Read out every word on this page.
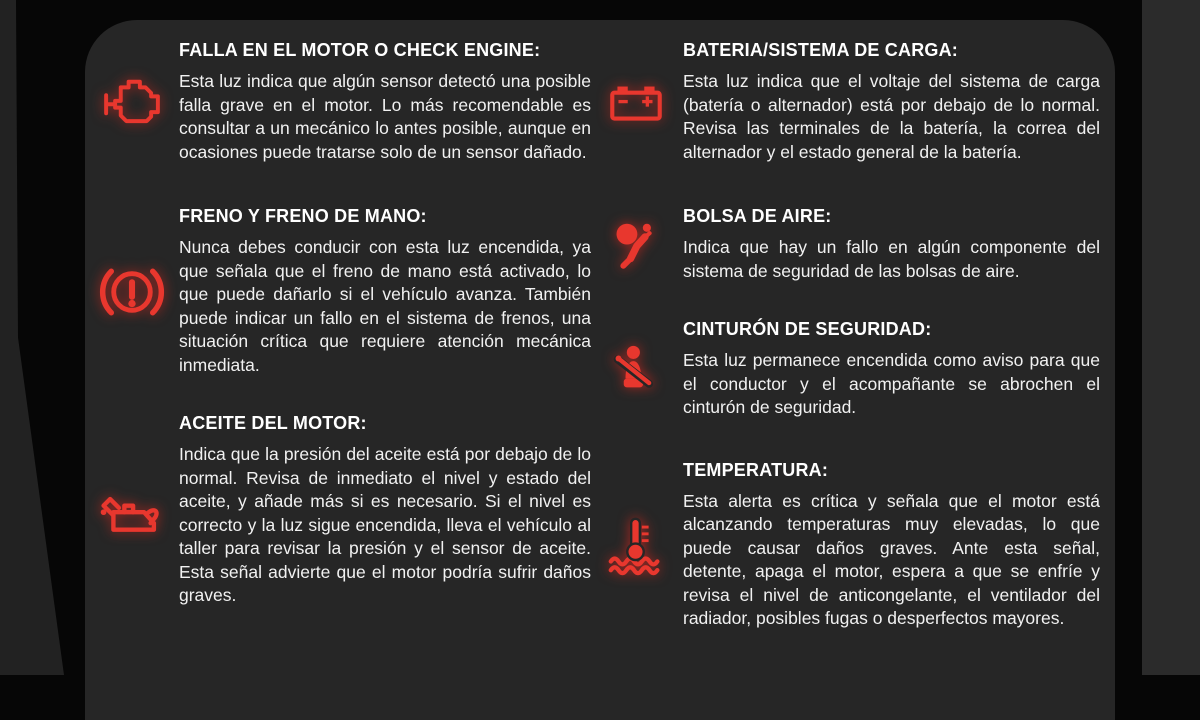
FALLA EN EL MOTOR O CHECK ENGINE:

Esta luz indica que algún sensor detectó una posible falla grave en el motor. Lo más recomendable es consultar a un mecánico lo antes posible, aunque en ocasiones puede tratarse solo de un sensor dañado.

FRENO Y FRENO DE MANO:

Nunca debes conducir con esta luz encendida, ya que señala que el freno de mano está activado, lo que puede dañarlo si el vehículo avanza. También puede indicar un fallo en el sistema de frenos, una situación crítica que requiere atención mecánica inmediata.

ACEITE DEL MOTOR:

Indica que la presión del aceite está por debajo de lo normal. Revisa de inmediato el nivel y estado del aceite, y añade más si es necesario. Si el nivel es correcto y la luz sigue encendida, lleva el vehículo al taller para revisar la presión y el sensor de aceite. Esta señal advierte que el motor podría sufrir daños graves.

BATERIA/SISTEMA DE CARGA:

Esta luz indica que el voltaje del sistema de carga (batería o alternador) está por debajo de lo normal. Revisa las terminales de la batería, la correa del alternador y el estado general de la batería.

BOLSA DE AIRE:

Indica que hay un fallo en algún componente del sistema de seguridad de las bolsas de aire.

CINTURÓN DE SEGURIDAD:

Esta luz permanece encendida como aviso para que el conductor y el acompañante se abrochen el cinturón de seguridad.

TEMPERATURA:

Esta alerta es crítica y señala que el motor está alcanzando temperaturas muy elevadas, lo que puede causar daños graves. Ante esta señal, detente, apaga el motor, espera a que se enfríe y revisa el nivel de anticongelante, el ventilador del radiador, posibles fugas o desperfectos mayores.
